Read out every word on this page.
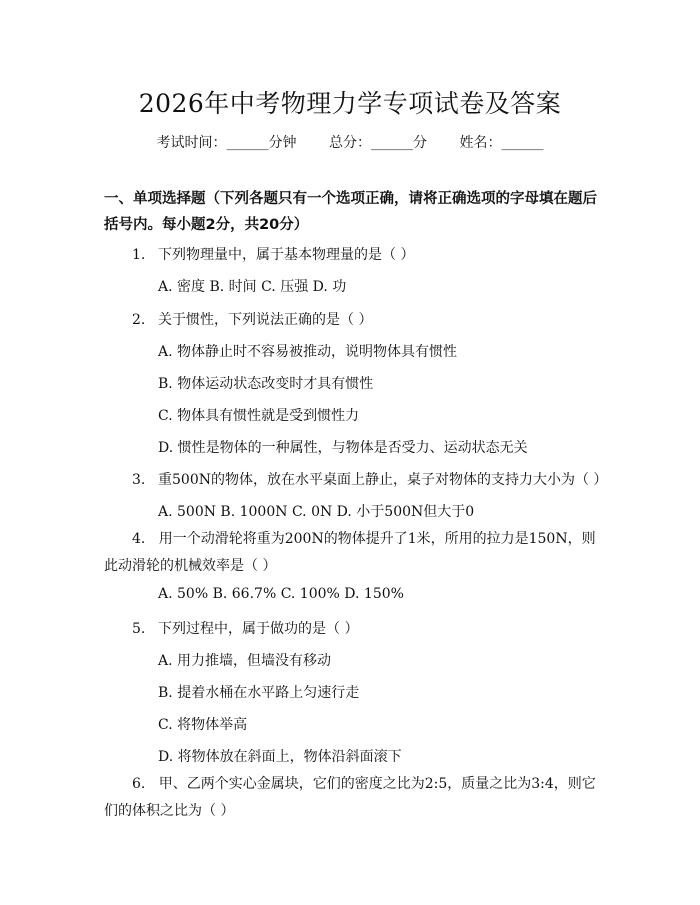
2026年中考物理力学专项试卷及答案
考试时间：______分钟 总分：______分 姓名：______
一、单项选择题（下列各题只有一个选项正确，请将正确选项的字母填在题后括号内。每小题2分，共20分）
1. 下列物理量中，属于基本物理量的是（ ）
A. 密度 B. 时间 C. 压强 D. 功
2. 关于惯性，下列说法正确的是（ ）
A. 物体静止时不容易被推动，说明物体具有惯性
B. 物体运动状态改变时才具有惯性
C. 物体具有惯性就是受到惯性力
D. 惯性是物体的一种属性，与物体是否受力、运动状态无关
3. 重500N的物体，放在水平桌面上静止，桌子对物体的支持力大小为（ ）
A. 500N B. 1000N C. 0N D. 小于500N但大于0
4. 用一个动滑轮将重为200N的物体提升了1米，所用的拉力是150N，则此动滑轮的机械效率是（ ）
A. 50% B. 66.7% C. 100% D. 150%
5. 下列过程中，属于做功的是（ ）
A. 用力推墙，但墙没有移动
B. 提着水桶在水平路上匀速行走
C. 将物体举高
D. 将物体放在斜面上，物体沿斜面滚下
6. 甲、乙两个实心金属块，它们的密度之比为2:5，质量之比为3:4，则它们的体积之比为（ ）
